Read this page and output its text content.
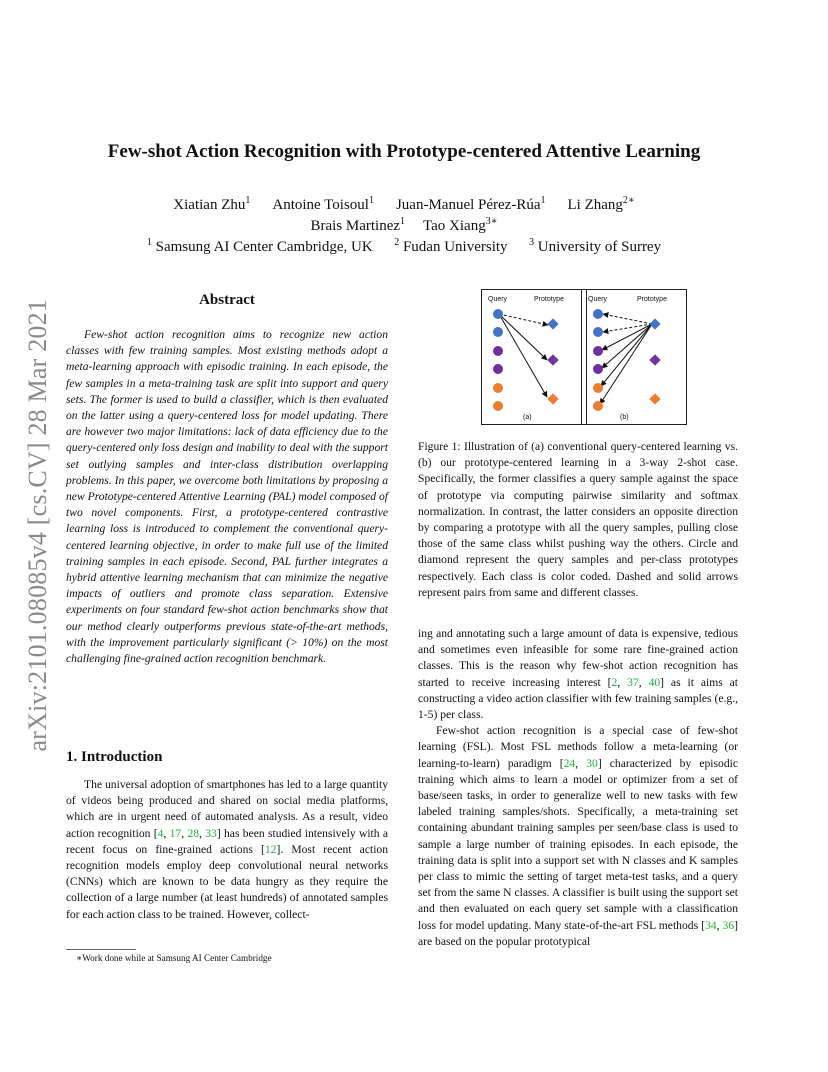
arXiv:2101.08085v4 [cs.CV] 28 Mar 2021
Few-shot Action Recognition with Prototype-centered Attentive Learning
Xiatian Zhu$^1$ Antoine Toisoul$^1$ Juan-Manuel Pérez-Rúa$^1$ Li Zhang$^{2∗}$
Brais Martinez$^1$ Tao Xiang$^{3∗}$
$^1$ Samsung AI Center Cambridge, UK $^2$ Fudan University $^3$ University of Surrey
Abstract
Few-shot action recognition aims to recognize new action classes with few training samples. Most existing methods adopt a meta-learning approach with episodic training. In each episode, the few samples in a meta-training task are split into support and query sets. The former is used to build a classifier, which is then evaluated on the latter using a query-centered loss for model updating. There are however two major limitations: lack of data efficiency due to the query-centered only loss design and inability to deal with the support set outlying samples and inter-class distribution overlapping problems. In this paper, we overcome both limitations by proposing a new Prototype-centered Attentive Learning (PAL) model composed of two novel components. First, a prototype-centered contrastive learning loss is introduced to complement the conventional query-centered learning objective, in order to make full use of the limited training samples in each episode. Second, PAL further integrates a hybrid attentive learning mechanism that can minimize the negative impacts of outliers and promote class separation. Extensive experiments on four standard few-shot action benchmarks show that our method clearly outperforms previous state-of-the-art methods, with the improvement particularly significant (> 10%) on the most challenging fine-grained action recognition benchmark.
1. Introduction
The universal adoption of smartphones has led to a large quantity of videos being produced and shared on social media platforms, which are in urgent need of automated analysis. As a result, video action recognition [4, 17, 28, 33] has been studied intensively with a recent focus on fine-grained actions [12]. Most recent action recognition models employ deep convolutional neural networks (CNNs) which are known to be data hungry as they require the collection of a large number (at least hundreds) of annotated samples for each action class to be trained. However, collect-
∗Work done while at Samsung AI Center Cambridge
Query	Prototype
(a)
Query	Prototype
(b)
Figure 1: Illustration of (a) conventional query-centered learning vs. (b) our prototype-centered learning in a 3-way 2-shot case. Specifically, the former classifies a query sample against the space of prototype via computing pairwise similarity and softmax normalization. In contrast, the latter considers an opposite direction by comparing a prototype with all the query samples, pulling close those of the same class whilst pushing way the others. Circle and diamond represent the query samples and per-class prototypes respectively. Each class is color coded. Dashed and solid arrows represent pairs from same and different classes.

ing and annotating such a large amount of data is expensive, tedious and sometimes even infeasible for some rare fine-grained action classes. This is the reason why few-shot action recognition has started to receive increasing interest [2, 37, 40] as it aims at constructing a video action classifier with few training samples (e.g., 1-5) per class.

Few-shot action recognition is a special case of few-shot learning (FSL). Most FSL methods follow a meta-learning (or learning-to-learn) paradigm [24, 30] characterized by episodic training which aims to learn a model or optimizer from a set of base/seen tasks, in order to generalize well to new tasks with few labeled training samples/shots. Specifically, a meta-training set containing abundant training samples per seen/base class is used to sample a large number of training episodes. In each episode, the training data is split into a support set with N classes and K samples per class to mimic the setting of target meta-test tasks, and a query set from the same N classes. A classifier is built using the support set and then evaluated on each query set sample with a classification loss for model updating. Many state-of-the-art FSL methods [34, 36] are based on the popular prototypical
